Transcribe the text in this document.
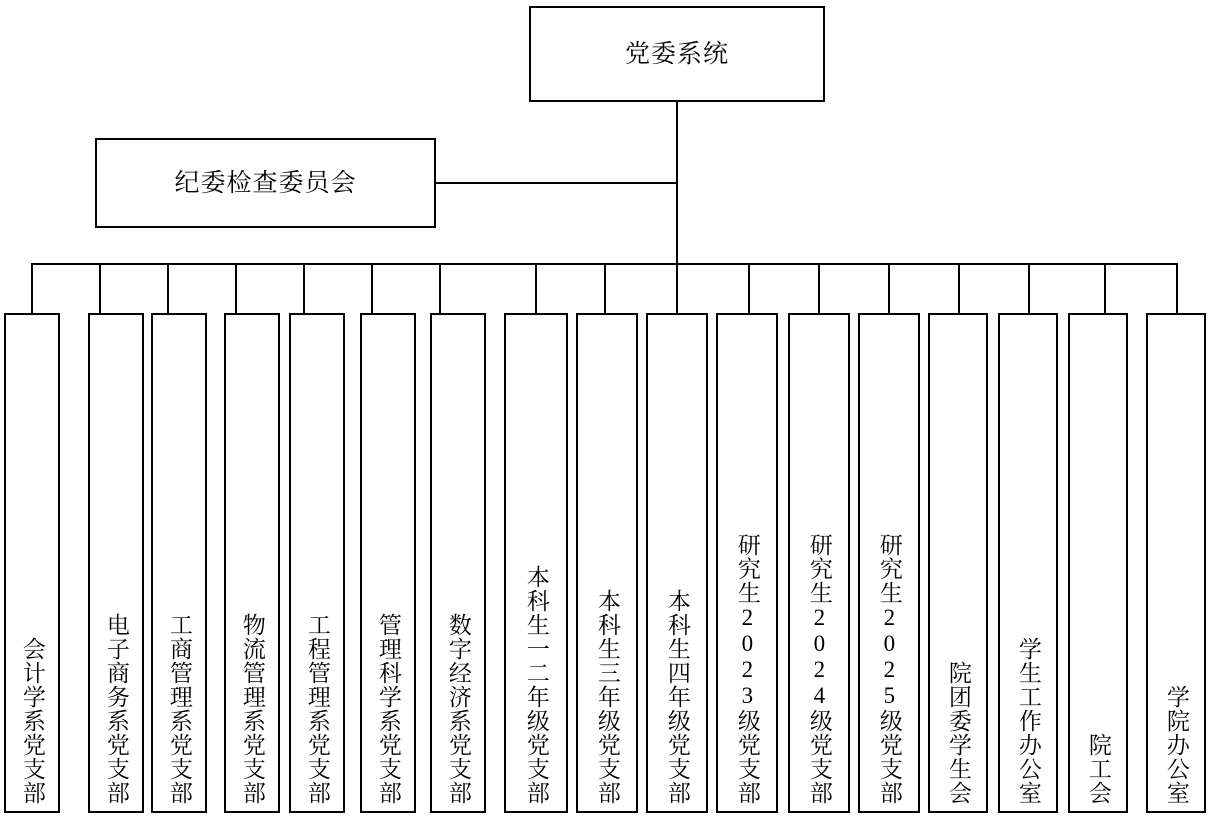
党委系统
纪委检查委员会
会计学系党支部	电子商务系党支部 工商管理系党支部 物流管理系党支部 工程管理系党支部 管理科学系党支部 数字经济系党支部 本科生一二年级党支部 本科生三年级党支部 本科生四年级党支部 研究生2023级党支部 研究生2024级党支部 研究生2025级党支部 院团委学生会 学生工作办公室 院工会 学院办公室
